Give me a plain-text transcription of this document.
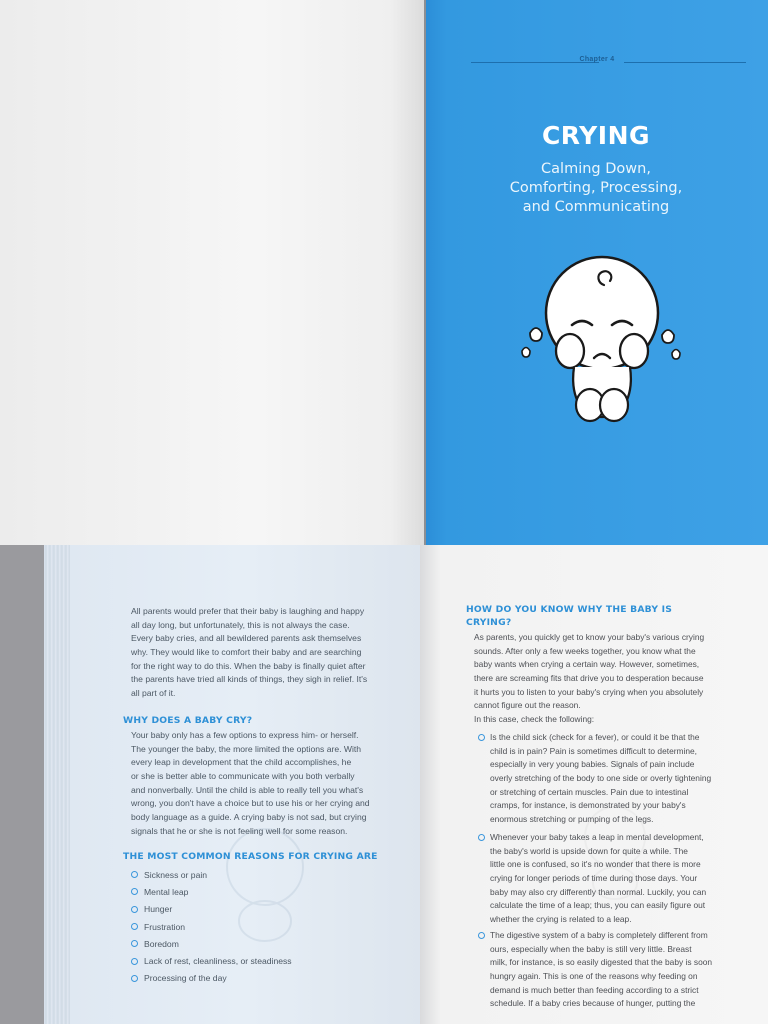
Chapter 4
CRYING
Calming Down,
Comforting, Processing,
and Communicating
All parents would prefer that their baby is laughing and happy
all day long, but unfortunately, this is not always the case.
Every baby cries, and all bewildered parents ask themselves
why. They would like to comfort their baby and are searching
for the right way to do this. When the baby is finally quiet after
the parents have tried all kinds of things, they sigh in relief. It's
all part of it.
WHY DOES A BABY CRY?
Your baby only has a few options to express him- or herself.
The younger the baby, the more limited the options are. With
every leap in development that the child accomplishes, he
or she is better able to communicate with you both verbally
and nonverbally. Until the child is able to really tell you what's
wrong, you don't have a choice but to use his or her crying and
body language as a guide. A crying baby is not sad, but crying
signals that he or she is not feeling well for some reason.
THE MOST COMMON REASONS FOR CRYING ARE
Sickness or pain
Mental leap
Hunger
Frustration
Boredom
Lack of rest, cleanliness, or steadiness
Processing of the day
HOW DO YOU KNOW WHY THE BABY IS
CRYING?
As parents, you quickly get to know your baby's various crying
sounds. After only a few weeks together, you know what the
baby wants when crying a certain way. However, sometimes,
there are screaming fits that drive you to desperation because
it hurts you to listen to your baby's crying when you absolutely
cannot figure out the reason.
In this case, check the following:
Is the child sick (check for a fever), or could it be that the
child is in pain? Pain is sometimes difficult to determine,
especially in very young babies. Signals of pain include
overly stretching of the body to one side or overly tightening
or stretching of certain muscles. Pain due to intestinal
cramps, for instance, is demonstrated by your baby's
enormous stretching or pumping of the legs.
Whenever your baby takes a leap in mental development,
the baby's world is upside down for quite a while. The
little one is confused, so it's no wonder that there is more
crying for longer periods of time during those days. Your
baby may also cry differently than normal. Luckily, you can
calculate the time of a leap; thus, you can easily figure out
whether the crying is related to a leap.
The digestive system of a baby is completely different from
ours, especially when the baby is still very little. Breast
milk, for instance, is so easily digested that the baby is soon
hungry again. This is one of the reasons why feeding on
demand is much better than feeding according to a strict
schedule. If a baby cries because of hunger, putting the
